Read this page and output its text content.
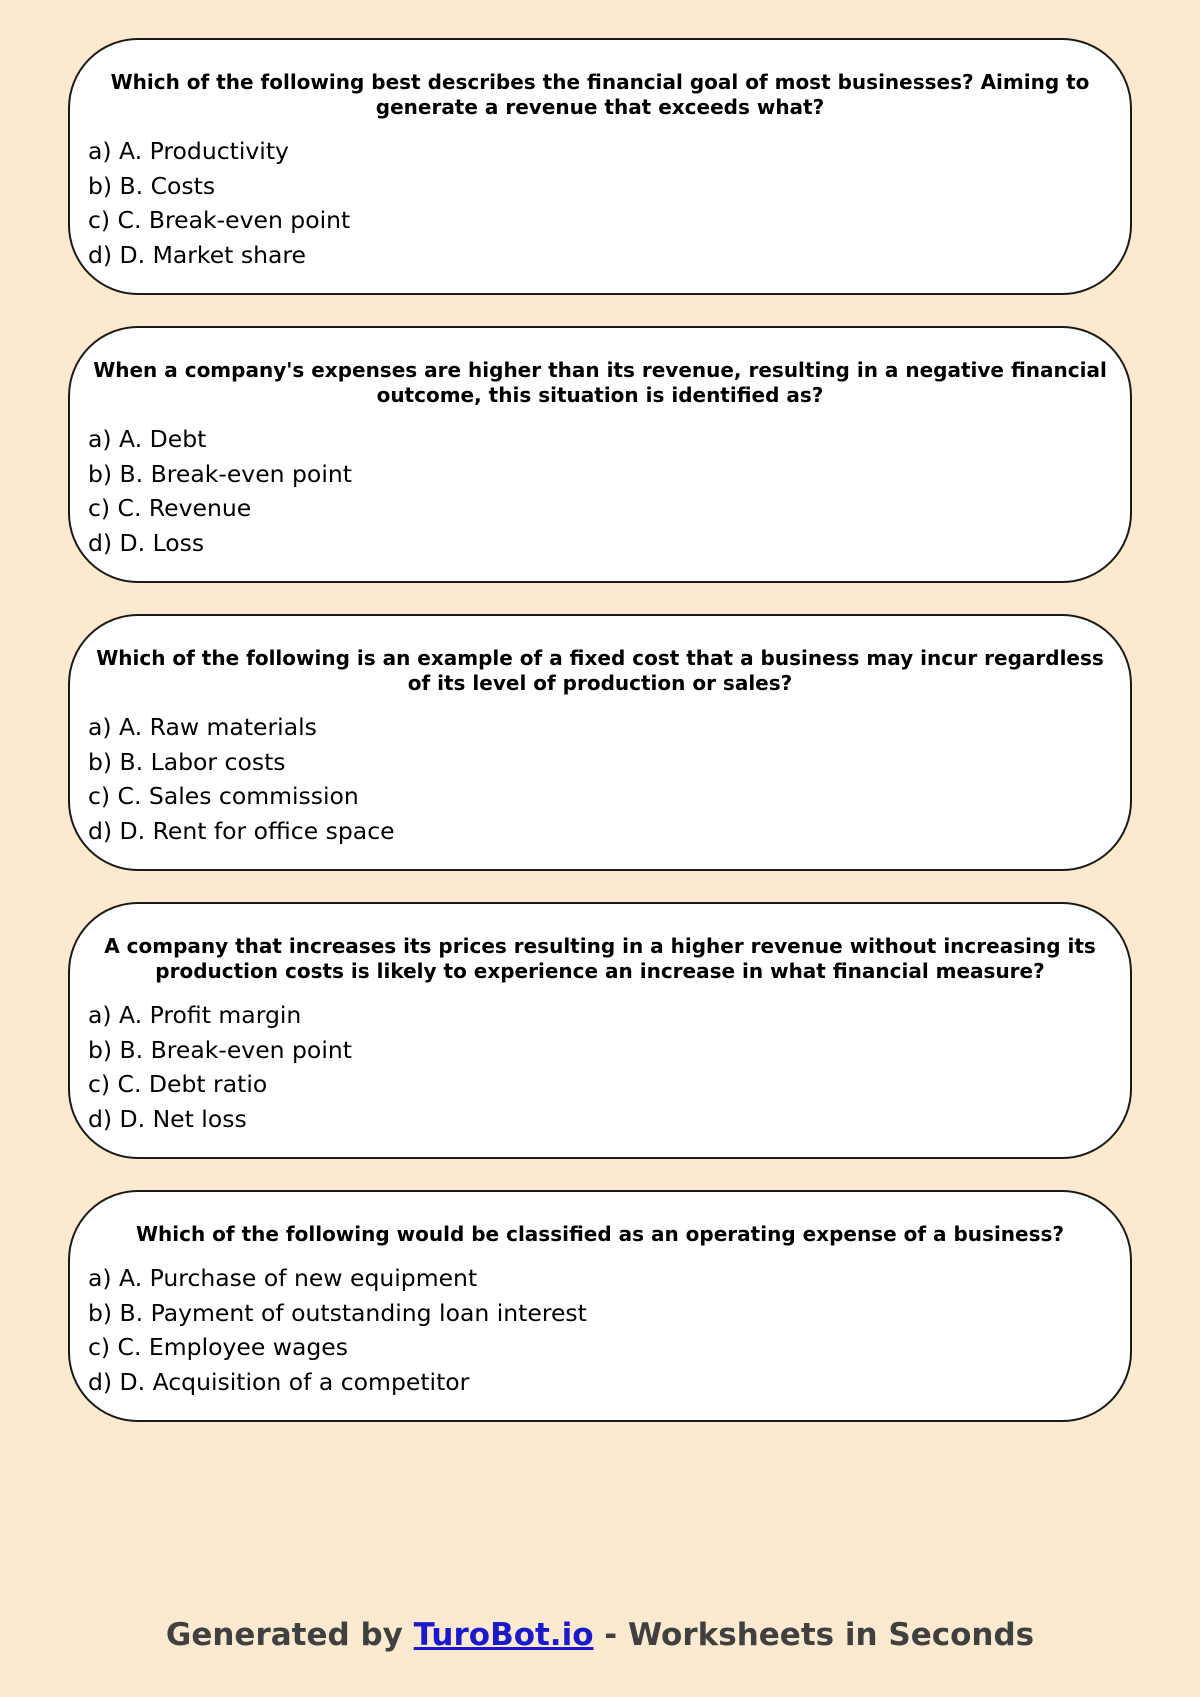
Which of the following best describes the financial goal of most businesses? Aiming to generate a revenue that exceeds what?

a) A. Productivity
b) B. Costs
c) C. Break-even point
d) D. Market share

When a company's expenses are higher than its revenue, resulting in a negative financial outcome, this situation is identified as?

a) A. Debt
b) B. Break-even point
c) C. Revenue
d) D. Loss

Which of the following is an example of a fixed cost that a business may incur regardless of its level of production or sales?

a) A. Raw materials
b) B. Labor costs
c) C. Sales commission
d) D. Rent for office space

A company that increases its prices resulting in a higher revenue without increasing its production costs is likely to experience an increase in what financial measure?

a) A. Profit margin
b) B. Break-even point
c) C. Debt ratio
d) D. Net loss

Which of the following would be classified as an operating expense of a business?

a) A. Purchase of new equipment
b) B. Payment of outstanding loan interest
c) C. Employee wages
d) D. Acquisition of a competitor
Generated by TuroBot.io - Worksheets in Seconds
